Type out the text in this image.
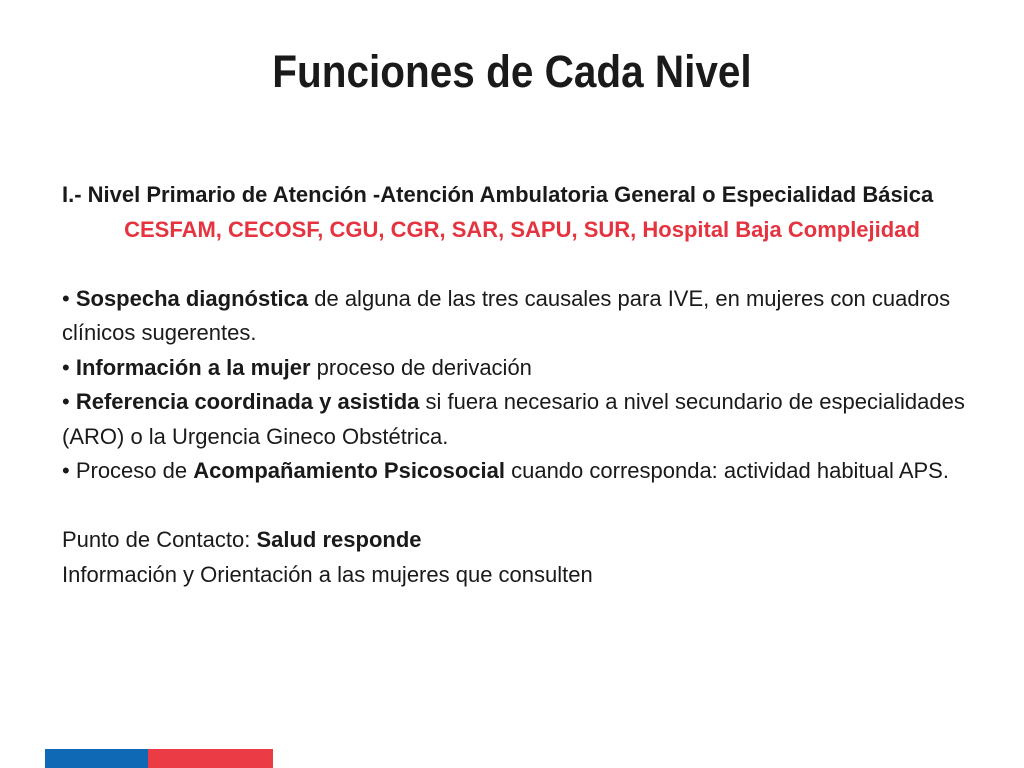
Funciones de Cada Nivel

I.- Nivel Primario de Atención -Atención Ambulatoria General o Especialidad Básica

CESFAM, CECOSF, CGU, CGR, SAR, SAPU, SUR, Hospital Baja Complejidad

• Sospecha diagnóstica de alguna de las tres causales para IVE, en mujeres con cuadros clínicos sugerentes.

• Información a la mujer proceso de derivación

• Referencia coordinada y asistida si fuera necesario a nivel secundario de especialidades (ARO) o la Urgencia Gineco Obstétrica.

• Proceso de Acompañamiento Psicosocial cuando corresponda: actividad habitual APS.

Punto de Contacto: Salud responde

Información y Orientación a las mujeres que consulten
